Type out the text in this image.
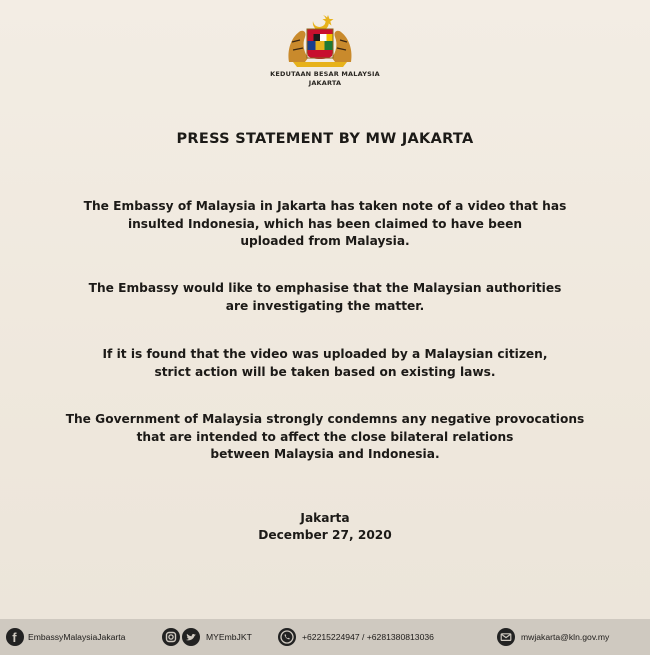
KEDUTAAN BESAR MALAYSIA
JAKARTA
PRESS STATEMENT BY MW JAKARTA

The Embassy of Malaysia in Jakarta has taken note of a video that has
insulted Indonesia, which has been claimed to have been
uploaded from Malaysia.

The Embassy would like to emphasise that the Malaysian authorities
are investigating the matter.

If it is found that the video was uploaded by a Malaysian citizen,
strict action will be taken based on existing laws.

The Government of Malaysia strongly condemns any negative provocations
that are intended to affect the close bilateral relations
between Malaysia and Indonesia.

Jakarta
December 27, 2020
f EmbassyMalaysiaJakarta	MYEmbJKT	+62215224947 / +6281380813036	mwjakarta@kln.gov.my
